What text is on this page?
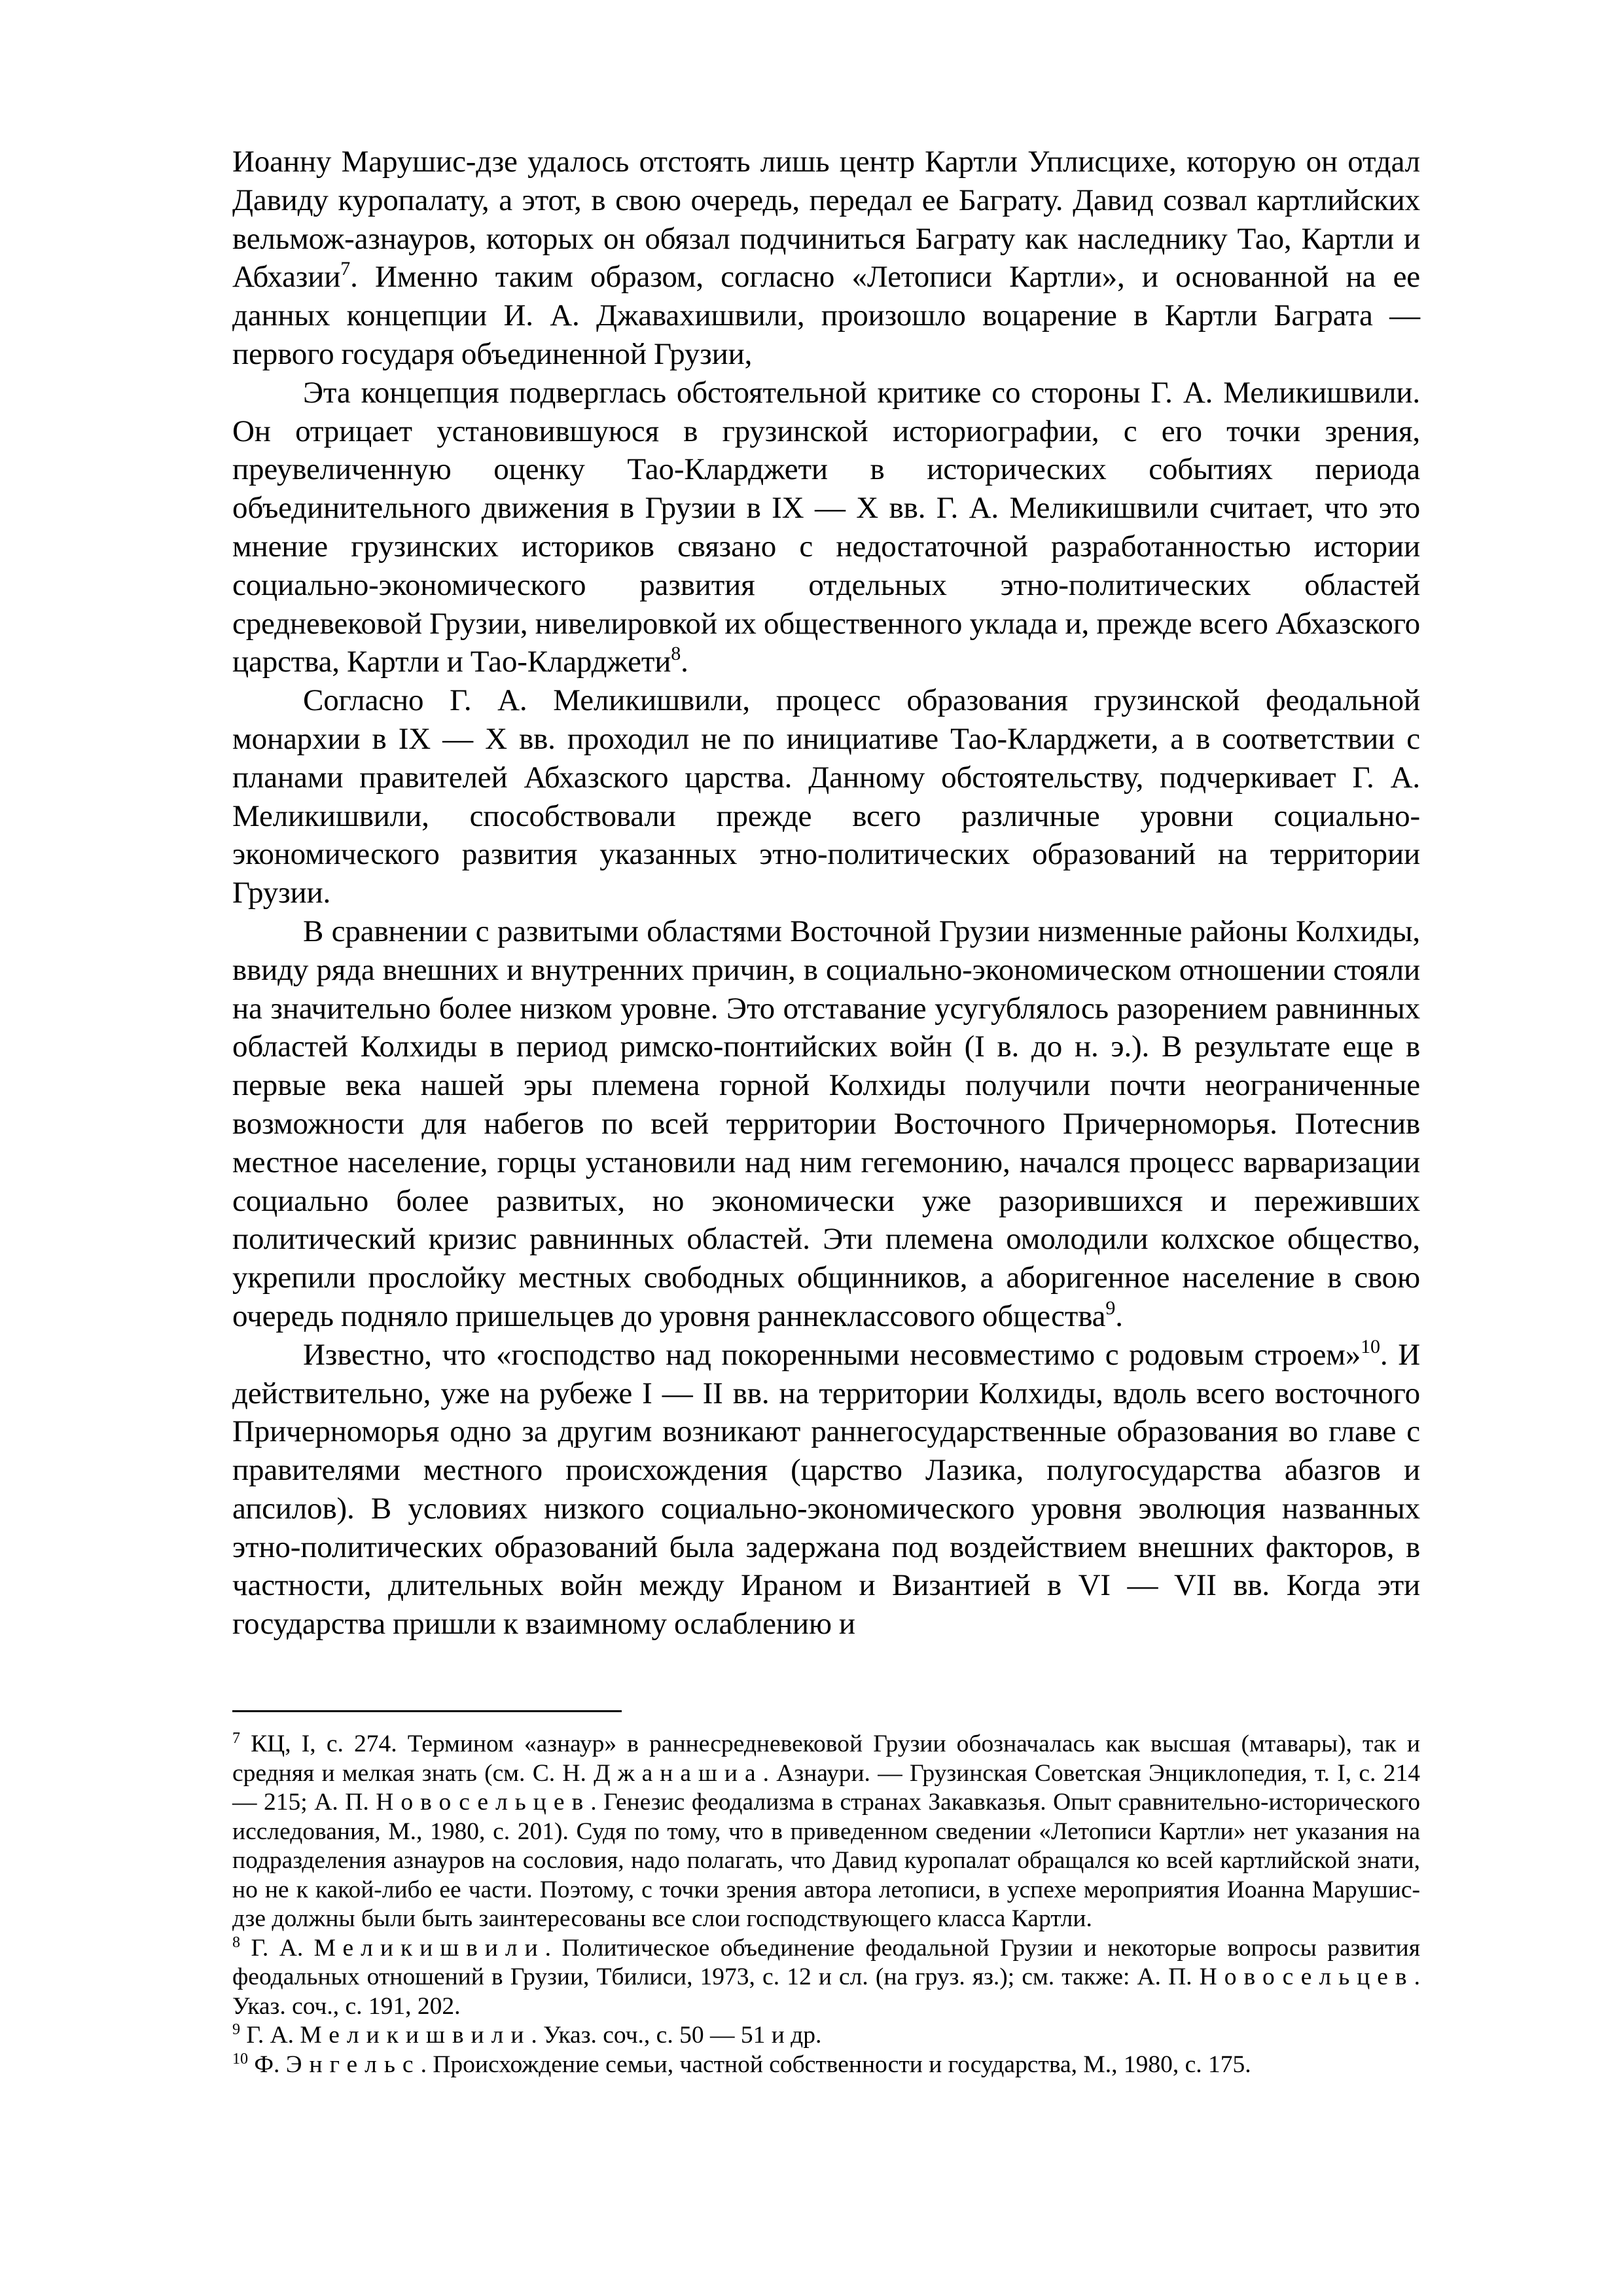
Иоанну Марушис-дзе удалось отстоять лишь центр Картли Уплисцихе, которую он отдал Давиду куропалату, а этот, в свою очередь, передал ее Баграту. Давид созвал картлийских вельмож-азнауров, которых он обязал подчиниться Баграту как наследнику Тао, Картли и Абхазии$^7$. Именно таким образом, согласно «Летописи Картли», и основанной на ее данных концепции И. А. Джавахишвили, произошло воцарение в Картли Баграта — первого государя объединенной Грузии,

Эта концепция подверглась обстоятельной критике со стороны Г. А. Меликишвили. Он отрицает установившуюся в грузинской историографии, с его точки зрения, преувеличенную оценку Тао-Кларджети в исторических событиях периода объединительного движения в Грузии в IX — X вв. Г. А. Меликишвили считает, что это мнение грузинских историков связано с недостаточной разработанностью истории социально-экономического развития отдельных этно-политических областей средневековой Грузии, нивелировкой их общественного уклада и, прежде всего Абхазского царства, Картли и Тао-Кларджети$^8$.

Согласно Г. А. Меликишвили, процесс образования грузинской феодальной монархии в IX — X вв. проходил не по инициативе Тао-Кларджети, а в соответствии с планами правителей Абхазского царства. Данному обстоятельству, подчеркивает Г. А. Меликишвили, способствовали прежде всего различные уровни социально-экономического развития указанных этно-политических образований на территории Грузии.

В сравнении с развитыми областями Восточной Грузии низменные районы Колхиды, ввиду ряда внешних и внутренних причин, в социально-экономическом отношении стояли на значительно более низком уровне. Это отставание усугублялось разорением равнинных областей Колхиды в период римско-понтийских войн (I в. до н. э.). В результате еще в первые века нашей эры племена горной Колхиды получили почти неограниченные возможности для набегов по всей территории Восточного Причерноморья. Потеснив местное население, горцы установили над ним гегемонию, начался процесс варваризации социально более развитых, но экономически уже разорившихся и переживших политический кризис равнинных областей. Эти племена омолодили колхское общество, укрепили прослойку местных свободных общинников, а аборигенное население в свою очередь подняло пришельцев до уровня раннеклассового общества$^9$.

Известно, что «господство над покоренными несовместимо с родовым строем»$^{10}$. И действительно, уже на рубеже I — II вв. на территории Колхиды, вдоль всего восточного Причерноморья одно за другим возникают раннегосударственные образования во главе с правителями местного происхождения (царство Лазика, полугосударства абазгов и апсилов). В условиях низкого социально-экономического уровня эволюция названных этно-политических образований была задержана под воздействием внешних факторов, в частности, длительных войн между Ираном и Византией в VI — VII вв. Когда эти государства пришли к взаимному ослаблению и

$^7$ КЦ, I, с. 274. Термином «азнаур» в раннесредневековой Грузии обозначалась как высшая (мтавары), так и средняя и мелкая знать (см. С. Н. Джанашиа. Азнаури. — Грузинская Советская Энциклопедия, т. I, с. 214 — 215; А. П. Новосельцев. Генезис феодализма в странах Закавказья. Опыт сравнительно-исторического исследования, М., 1980, с. 201). Судя по тому, что в приведенном сведении «Летописи Картли» нет указания на подразделения азнауров на сословия, надо полагать, что Давид куропалат обращался ко всей картлийской знати, но не к какой-либо ее части. Поэтому, с точки зрения автора летописи, в успехе мероприятия Иоанна Марушис-дзе должны были быть заинтересованы все слои господствующего класса Картли.

$^8$ Г. А. Меликишвили. Политическое объединение феодальной Грузии и некоторые вопросы развития феодальных отношений в Грузии, Тбилиси, 1973, с. 12 и сл. (на груз. яз.); см. также: А. П. Новосельцев. Указ. соч., с. 191, 202.

$^9$ Г. А. Меликишвили. Указ. соч., с. 50 — 51 и др.

$^{10}$ Ф. Энгельс. Происхождение семьи, частной собственности и государства, М., 1980, с. 175.
